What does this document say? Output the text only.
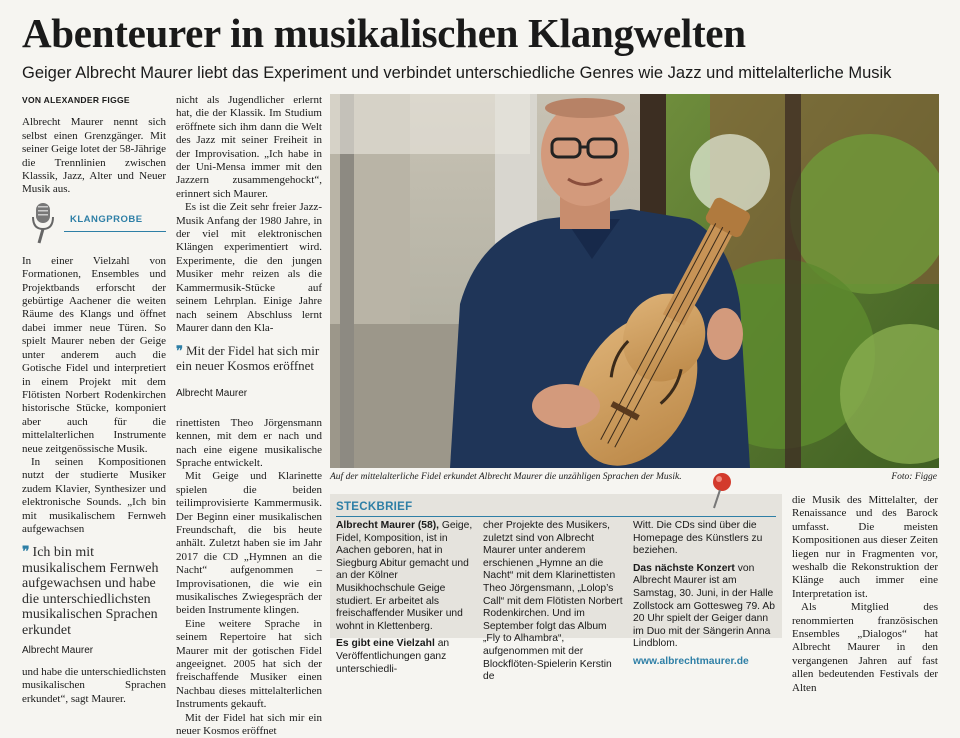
Abenteurer in musikalischen Klangwelten
Geiger Albrecht Maurer liebt das Experiment und verbindet unterschiedliche Genres wie Jazz und mittelalterliche Musik
VON ALEXANDER FIGGE

Albrecht Maurer nennt sich selbst einen Grenzgänger. Mit seiner Geige lotet der 58-Jährige die Trennlinien zwischen Klassik, Jazz, Alter und Neuer Musik aus.

KLANGPROBE

In einer Vielzahl von Formationen, Ensembles und Projektbands erforscht der gebürtige Aachener die weiten Räume des Klangs und öffnet dabei immer neue Türen. So spielt Maurer neben der Geige unter anderem auch die Gotische Fidel und interpretiert in einem Projekt mit dem Flötisten Norbert Rodenkirchen historische Stücke, komponiert aber auch für die mittelalterlichen Instrumente neue zeitgenössische Musik.

In seinen Kompositionen nutzt der studierte Musiker zudem Klavier, Synthesizer und elektronische Sounds. „Ich bin mit musikalischem Fernweh aufgewachsen

❞ Ich bin mit musikalischem Fernweh aufgewachsen und habe die unterschiedlichsten musikalischen Sprachen erkundet
Albrecht Maurer

und habe die unterschiedlichsten musikalischen Sprachen erkundet“, sagt Maurer.

nicht als Jugendlicher erlernt hat, die der Klassik. Im Studium eröffnete sich ihm dann die Welt des Jazz mit seiner Freiheit in der Improvisation. „Ich habe in der Uni-Mensa immer mit den Jazzern zusammengehockt“, erinnert sich Maurer.

Es ist die Zeit sehr freier Jazz-Musik Anfang der 1980 Jahre, in der viel mit elektronischen Klängen experimentiert wird. Experimente, die den jungen Musiker mehr reizen als die Kammermusik-Stücke auf seinem Lehrplan. Einige Jahre nach seinem Abschluss lernt Maurer dann den Kla-

❞ Mit der Fidel hat sich mir ein neuer Kosmos eröffnet
Albrecht Maurer

rinettisten Theo Jörgensmann kennen, mit dem er nach und nach eine eigene musikalische Sprache entwickelt.

Mit Geige und Klarinette spielen die beiden teilimprovisierte Kammermusik. Der Beginn einer musikalischen Freundschaft, die bis heute anhält. Zuletzt haben sie im Jahr 2017 die CD „Hymnen an die Nacht“ aufgenommen – Improvisationen, die wie ein musikalisches Zwiegespräch der beiden Instrumente klingen.

Eine weitere Sprache in seinem Repertoire hat sich Maurer mit der gotischen Fidel angeeignet. 2005 hat sich der freischaffende Musiker einen Nachbau dieses mittelalterlichen Instruments gekauft.

Mit der Fidel hat sich mir ein neuer Kosmos eröffnet

Auf der mittelalterliche Fidel erkundet Albrecht Maurer die unzähligen Sprachen der Musik.	Foto: Figge
STECKBRIEF

Albrecht Maurer (58), Geige, Fidel, Komposition, ist in Aachen geboren, hat in Siegburg Abitur gemacht und an der Kölner Musikhochschule Geige studiert. Er arbeitet als freischaffender Musiker und wohnt in Klettenberg.

Es gibt eine Vielzahl an Veröffentlichungen ganz unterschiedli-

cher Projekte des Musikers, zuletzt sind von Albrecht Maurer unter anderem erschienen „Hymne an die Nacht“ mit dem Klarinettisten Theo Jörgensmann, „Lolop’s Call“ mit dem Flötisten Norbert Rodenkirchen. Und im September folgt das Album „Fly to Alhambra“, aufgenommen mit der Blockflöten-Spielerin Kerstin de

Witt. Die CDs sind über die Homepage des Künstlers zu beziehen.

Das nächste Konzert von Albrecht Maurer ist am Samstag, 30. Juni, in der Halle Zollstock am Gottesweg 79. Ab 20 Uhr spielt der Geiger dann im Duo mit der Sängerin Anna Lindblom.

www.albrechtmaurer.de

die Musik des Mittelalter, der Renaissance und des Barock umfasst. Die meisten Kompositionen aus dieser Zeiten liegen nur in Fragmenten vor, weshalb die Rekonstruktion der Klänge auch immer eine Interpretation ist.

Als Mitglied des renommierten französischen Ensembles „Dialogos“ hat Albrecht Maurer in den vergangenen Jahren auf fast allen bedeutenden Festivals der Alten
